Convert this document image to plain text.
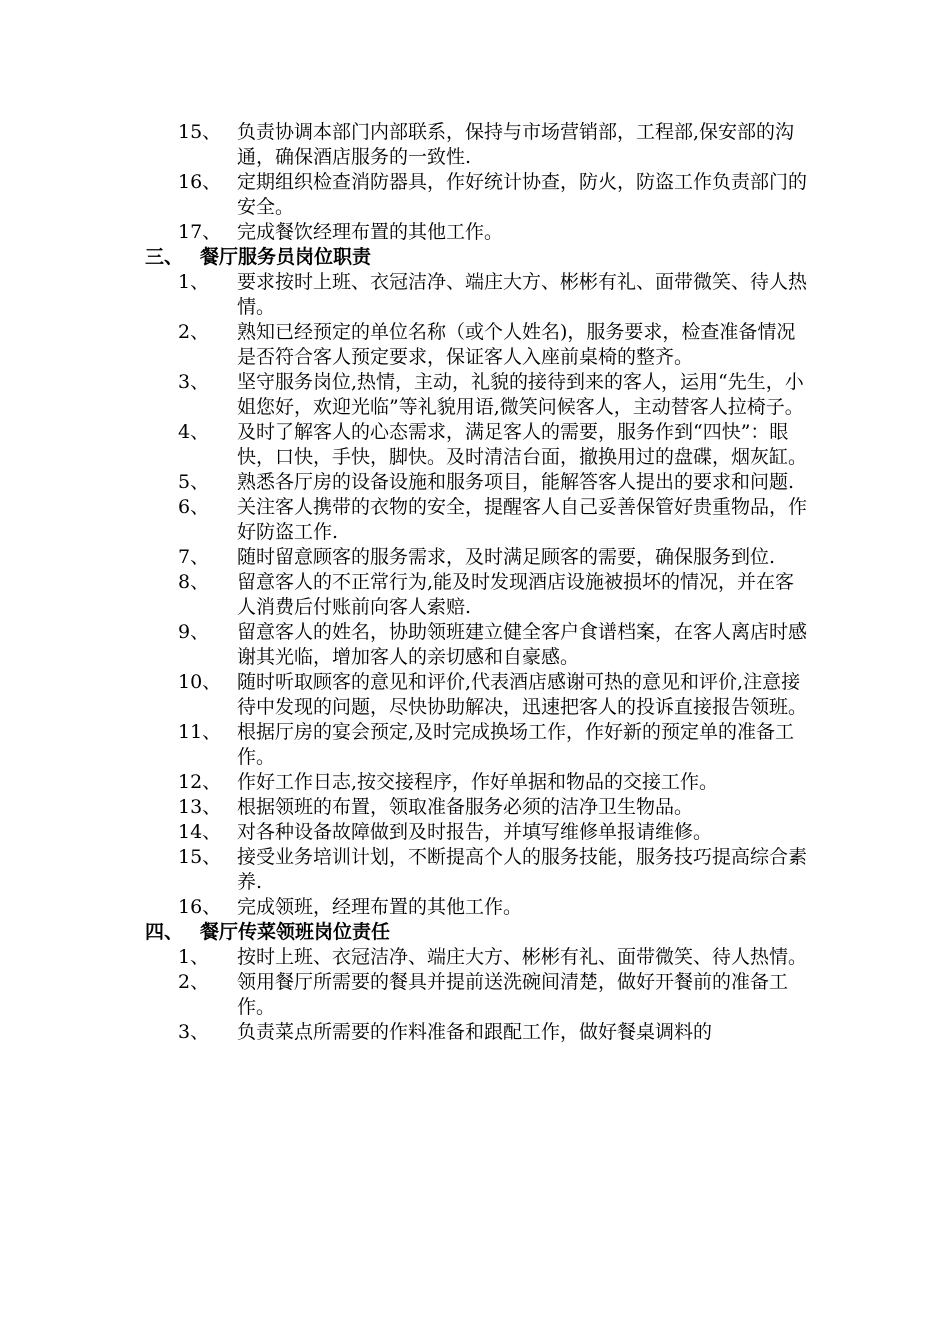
15、 负责协调本部门内部联系，保持与市场营销部，工程部,保安部的沟通，确保酒店服务的一致性.
16、 定期组织检查消防器具，作好统计协查，防火，防盗工作负责部门的安全。
17、 完成餐饮经理布置的其他工作。
三、 餐厅服务员岗位职责
1、 要求按时上班、衣冠洁净、端庄大方、彬彬有礼、面带微笑、待人热情。
2、 熟知已经预定的单位名称（或个人姓名)，服务要求，检查准备情况是否符合客人预定要求，保证客人入座前桌椅的整齐。
3、 坚守服务岗位,热情，主动，礼貌的接待到来的客人，运用“先生，小姐您好，欢迎光临”等礼貌用语,微笑问候客人，主动替客人拉椅子。
4、 及时了解客人的心态需求，满足客人的需要，服务作到“四快”：眼快，口快，手快，脚快。及时清洁台面，撤换用过的盘碟，烟灰缸。
5、 熟悉各厅房的设备设施和服务项目，能解答客人提出的要求和问题.
6、 关注客人携带的衣物的安全，提醒客人自己妥善保管好贵重物品，作好防盗工作.
7、 随时留意顾客的服务需求，及时满足顾客的需要，确保服务到位.
8、 留意客人的不正常行为,能及时发现酒店设施被损坏的情况，并在客人消费后付账前向客人索赔.
9、 留意客人的姓名，协助领班建立健全客户食谱档案，在客人离店时感谢其光临，增加客人的亲切感和自豪感。
10、 随时听取顾客的意见和评价,代表酒店感谢可热的意见和评价,注意接待中发现的问题，尽快协助解决，迅速把客人的投诉直接报告领班。
11、 根据厅房的宴会预定,及时完成换场工作，作好新的预定单的准备工作。
12、 作好工作日志,按交接程序，作好单据和物品的交接工作。
13、 根据领班的布置，领取准备服务必须的洁净卫生物品。
14、 对各种设备故障做到及时报告，并填写维修单报请维修。
15、 接受业务培训计划，不断提高个人的服务技能，服务技巧提高综合素养.
16、 完成领班，经理布置的其他工作。
四、 餐厅传菜领班岗位责任
1、 按时上班、衣冠洁净、端庄大方、彬彬有礼、面带微笑、待人热情。
2、 领用餐厅所需要的餐具并提前送洗碗间清楚，做好开餐前的准备工作。
3、 负责菜点所需要的作料准备和跟配工作，做好餐桌调料的
